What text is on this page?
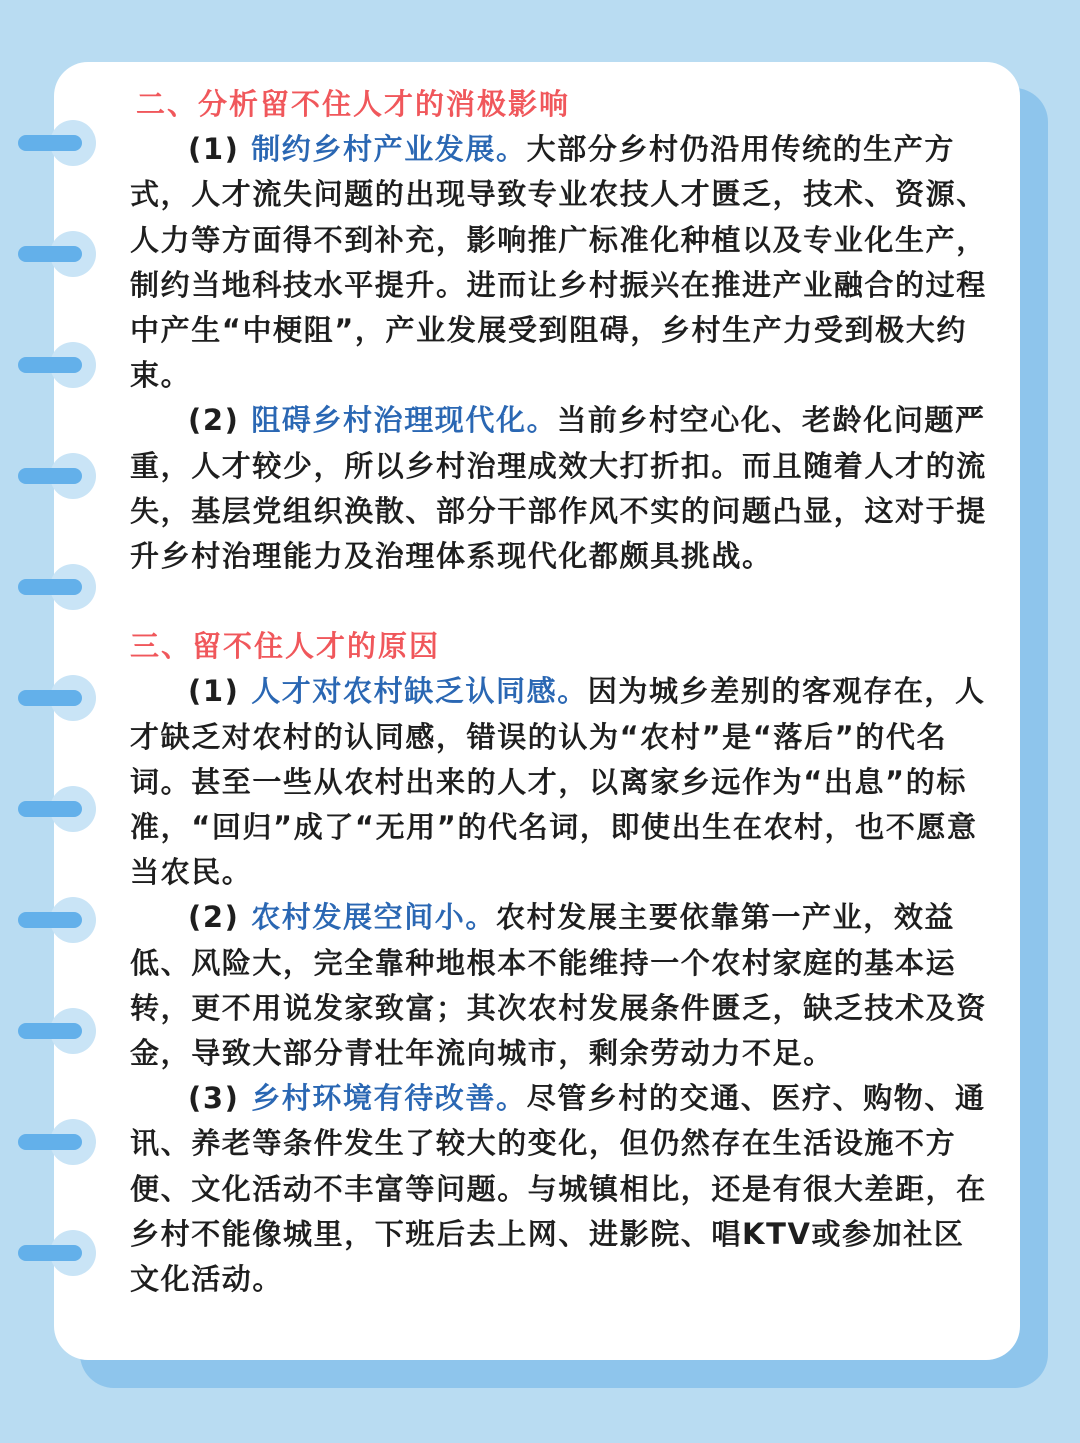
二、分析留不住人才的消极影响

(1) 制约乡村产业发展。大部分乡村仍沿用传统的生产方式，人才流失问题的出现导致专业农技人才匮乏，技术、资源、人力等方面得不到补充，影响推广标准化种植以及专业化生产，制约当地科技水平提升。进而让乡村振兴在推进产业融合的过程中产生“中梗阻”，产业发展受到阻碍，乡村生产力受到极大约束。

(2) 阻碍乡村治理现代化。当前乡村空心化、老龄化问题严重，人才较少，所以乡村治理成效大打折扣。而且随着人才的流失，基层党组织涣散、部分干部作风不实的问题凸显，这对于提升乡村治理能力及治理体系现代化都颇具挑战。

三、留不住人才的原因

(1) 人才对农村缺乏认同感。因为城乡差别的客观存在，人才缺乏对农村的认同感，错误的认为“农村”是“落后”的代名词。甚至一些从农村出来的人才，以离家乡远作为“出息”的标准，“回归”成了“无用”的代名词，即使出生在农村，也不愿意当农民。

(2) 农村发展空间小。农村发展主要依靠第一产业，效益低、风险大，完全靠种地根本不能维持一个农村家庭的基本运转，更不用说发家致富；其次农村发展条件匮乏，缺乏技术及资金，导致大部分青壮年流向城市，剩余劳动力不足。

(3) 乡村环境有待改善。尽管乡村的交通、医疗、购物、通讯、养老等条件发生了较大的变化，但仍然存在生活设施不方便、文化活动不丰富等问题。与城镇相比，还是有很大差距，在乡村不能像城里，下班后去上网、进影院、唱KTV或参加社区文化活动。
